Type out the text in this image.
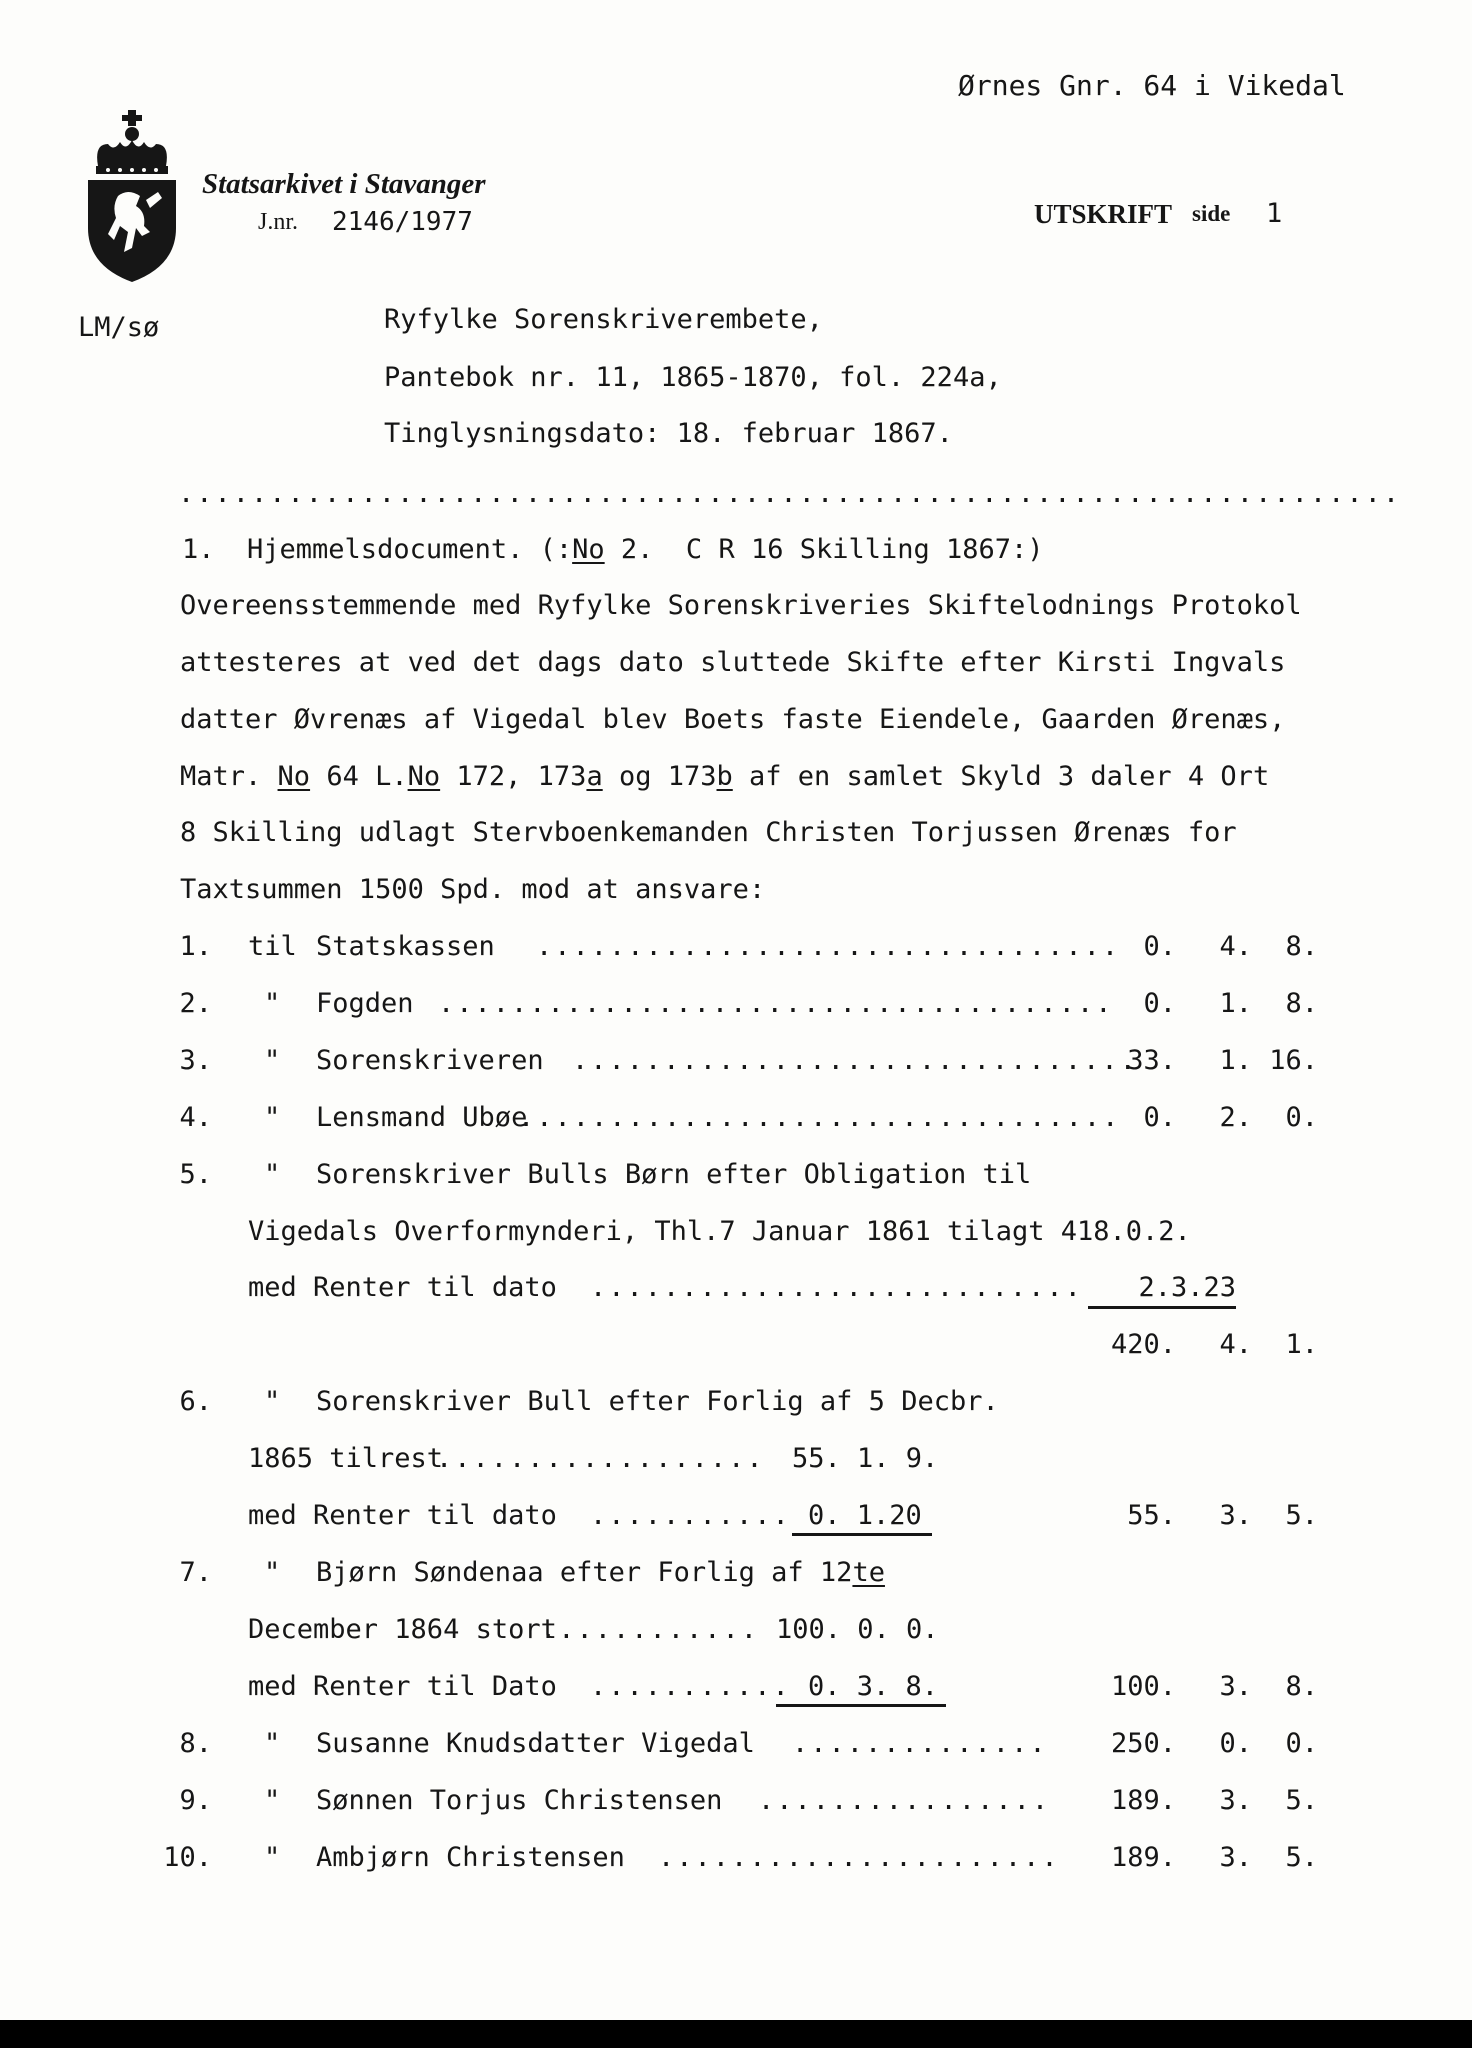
Ørnes Gnr. 64 i Vikedal
Statsarkivet i Stavanger
J.nr. 2146/1977	UTSKRIFT side 1
LM/sø	Ryfylke Sorenskriverembete,
Pantebok nr. 11, 1865-1870, fol. 224a,
Tinglysningsdato: 18. februar 1867.
.....
1.  Hjemmelsdocument. (:No 2.  C R 16 Skilling 1867:)
Overeensstemmende med Ryfylke Sorenskriveries Skiftelodnings Protokol
attesteres at ved det dags dato sluttede Skifte efter Kirsti Ingvals
datter Øvrenæs af Vigedal blev Boets faste Eiendele, Gaarden Ørenæs,
Matr. No 64 L.No 172, 173a og 173b af en samlet Skyld 3 daler 4 Ort
8 Skilling udlagt Stervboenkemanden Christen Torjussen Ørenæs for
Taxtsummen 1500 Spd. mod at ansvare:
1. til Statskassen .....	0.	4.	8.
2. " Fogden .....	0.	1.	8.
3. " Sorenskriveren .....	33.	1. 16.
4. " Lensmand Ubøe .....	0.	2.	0.
5. " Sorenskriver Bulls Børn efter Obligation til
Vigedals Overformynderi, Thl.7 Januar 1861 tilagt 418.0.2.
med Renter til dato .....	2.3.23
420.	4.	1.
6. " Sorenskriver Bull efter Forlig af 5 Decbr.
1865 tilrest .....	55. 1. 9.
med Renter til dato .....	0. 1.20	55.	3.	5.
7. " Bjørn Søndenaa efter Forlig af 12te
December 1864 stort .....	100. 0. 0.
med Renter til Dato .....	0. 3. 8.	100.	3.	8.
8. " Susanne Knudsdatter Vigedal .....	250.	0.	0.
9. " Sønnen Torjus Christensen .....	189.	3.	5.
10. " Ambjørn Christensen .....	189.	3.	5.
